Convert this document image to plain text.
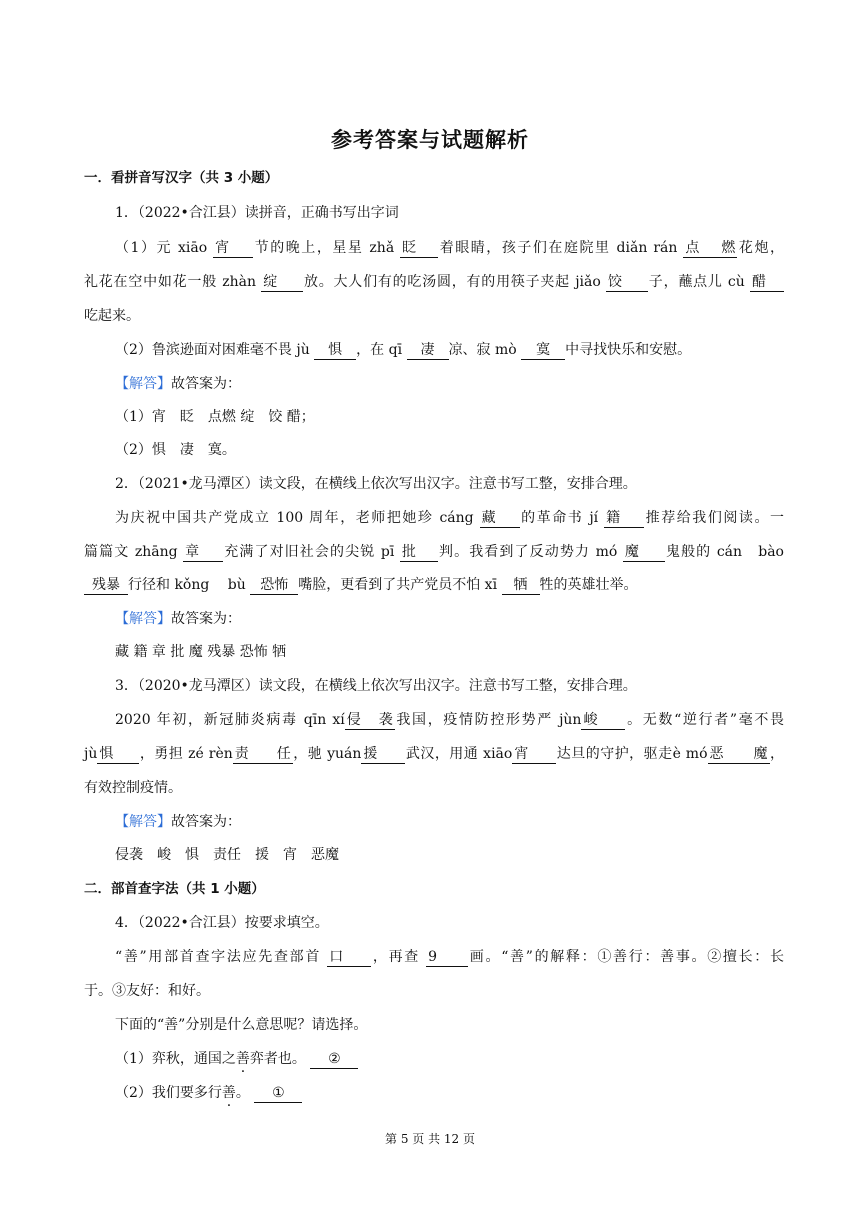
参考答案与试题解析
一．看拼音写汉字（共 3 小题）
1．（2022•合江县）读拼音，正确书写出字词
（1）元 xiāo 宵 节的晚上，星星 zhǎ 眨 着眼睛，孩子们在庭院里 diǎn rán 点燃 花炮，
礼花在空中如花一般 zhàn 绽 放。大人们有的吃汤圆，有的用筷子夹起 jiǎo 饺 子，蘸点儿 cù 醋
吃起来。
（2）鲁滨逊面对困难毫不畏 jù 惧 ，在 qī 凄 凉、寂 mò 寞 中寻找快乐和安慰。
【解答】故答案为：
（1）宵　眨　点燃 绽　饺 醋；
（2）惧　凄　寞。
2．（2021•龙马潭区）读文段，在横线上依次写出汉字。注意书写工整，安排合理。
为庆祝中国共产党成立 100 周年，老师把她珍 cáng 藏 的革命书 jí 籍 推荐给我们阅读。一
篇篇文 zhāng 章 充满了对旧社会的尖锐 pī 批 判。我看到了反动势力 mó 魔 鬼般的 cán　bào
残暴 行径和 kǒng　 bù 恐怖 嘴脸，更看到了共产党员不怕 xī 牺 牲的英雄壮举。
【解答】故答案为：
藏 籍 章 批 魔 残暴 恐怖 牺
3．（2020•龙马潭区）读文段，在横线上依次写出汉字。注意书写工整，安排合理。
2020 年初，新冠肺炎病毒 qīn xí 侵袭 我国，疫情防控形势严 jùn 峻 。无数“逆行者”毫不畏
jù 惧 ，勇担 zé rèn 责任 ，驰 yuán 援 武汉，用通 xiāo 宵 达旦的守护，驱走è mó 恶魔 ，
有效控制疫情。
【解答】故答案为：
侵袭　峻　惧　责任　援　宵　恶魔
二．部首查字法（共 1 小题）
4．（2022•合江县）按要求填空。
“善”用部首查字法应先查部首 口 ，再查 9 画。“善”的解释：①善行：善事。②擅长：长
于。③友好：和好。
下面的“善”分别是什么意思呢？请选择。
（1）弈秋，通国之善弈者也。 ②
（2）我们要多行善。 ①
第 5 页 共 12 页
